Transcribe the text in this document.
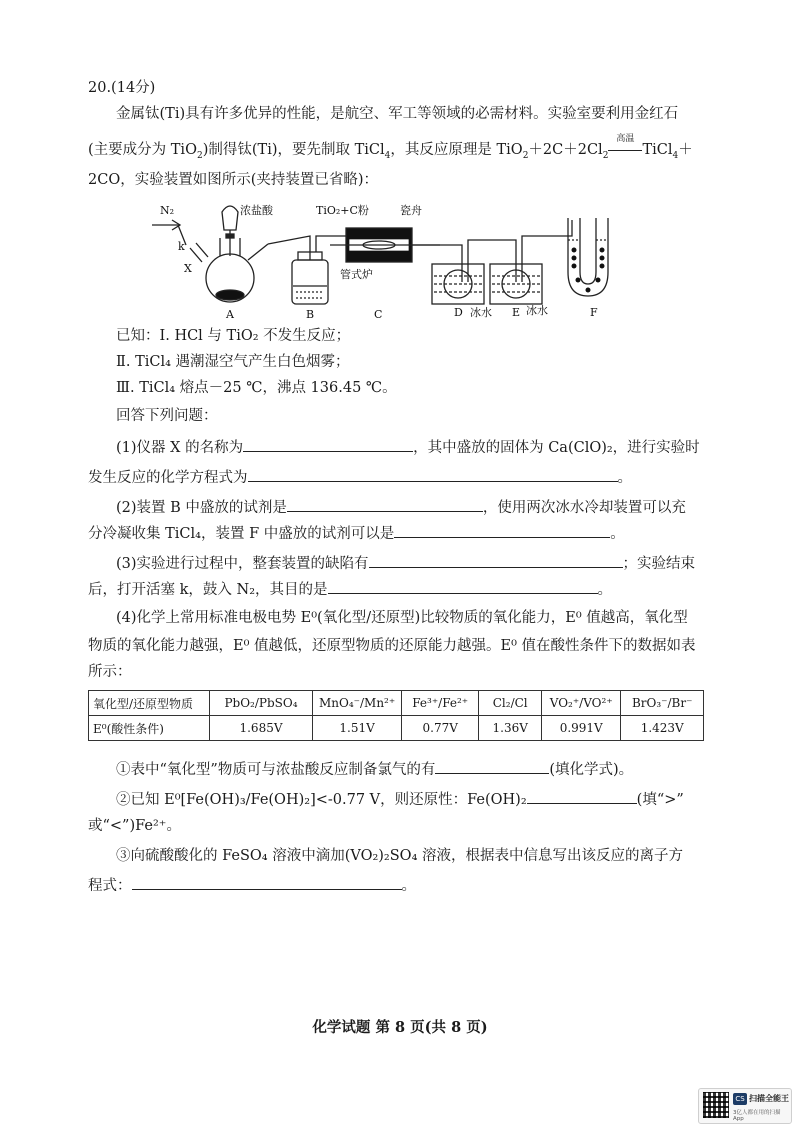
20.(14分)
金属钛(Ti)具有许多优异的性能，是航空、军工等领域的必需材料。实验室要利用金红石
(主要成分为 TiO$_2$)制得钛(Ti)，要先制取 TiCl$_4$，其反应原理是 $TiO_2+2C+2Cl_2$
高温
TiCl$_4$＋
2CO，实验装置如图所示(夹持装置已省略)：
N₂
k
X
浓盐酸	TiO₂+C粉	瓷舟
管式炉
冰水	冰水
A	B	C	D	E	F
已知：Ⅰ. HCl 与 TiO₂ 不发生反应；
Ⅱ. TiCl₄ 遇潮湿空气产生白色烟雾；
Ⅲ. TiCl₄ 熔点－25 ℃，沸点 136.45 ℃。
回答下列问题：
(1)仪器 X 的名称为	，其中盛放的固体为 Ca(ClO)₂，进行实验时
发生反应的化学方程式为	。
(2)装置 B 中盛放的试剂是	，使用两次冰水冷却装置可以充
分冷凝收集 TiCl₄，装置 F 中盛放的试剂可以是	。
(3)实验进行过程中，整套装置的缺陷有	；实验结束
后，打开活塞 k，鼓入 N₂，其目的是	。
(4)化学上常用标准电极电势 E⁰(氧化型/还原型)比较物质的氧化能力，E⁰ 值越高，氧化型
物质的氧化能力越强，E⁰ 值越低，还原型物质的还原能力越强。E⁰ 值在酸性条件下的数据如表
所示：
氧化型/还原型物质	PbO₂/PbSO₄	MnO₄⁻/Mn²⁺	Fe³⁺/Fe²⁺	Cl₂/Cl	VO₂⁺/VO²⁺	BrO₃⁻/Br⁻
E⁰(酸性条件)	1.685V	1.51V	0.77V	1.36V	0.991V	1.423V
①表中“氧化型”物质可与浓盐酸反应制备氯气的有	(填化学式)。
②已知 E⁰[Fe(OH)₃/Fe(OH)₂]<-0.77 V，则还原性：Fe(OH)₂	(填“>”
或“<”)Fe²⁺。
③向硫酸酸化的 FeSO₄ 溶液中滴加(VO₂)₂SO₄ 溶液，根据表中信息写出该反应的离子方
程式：	。
化学试题 第 8 页(共 8 页)
CS 扫描全能王
3亿人都在用的扫描App
